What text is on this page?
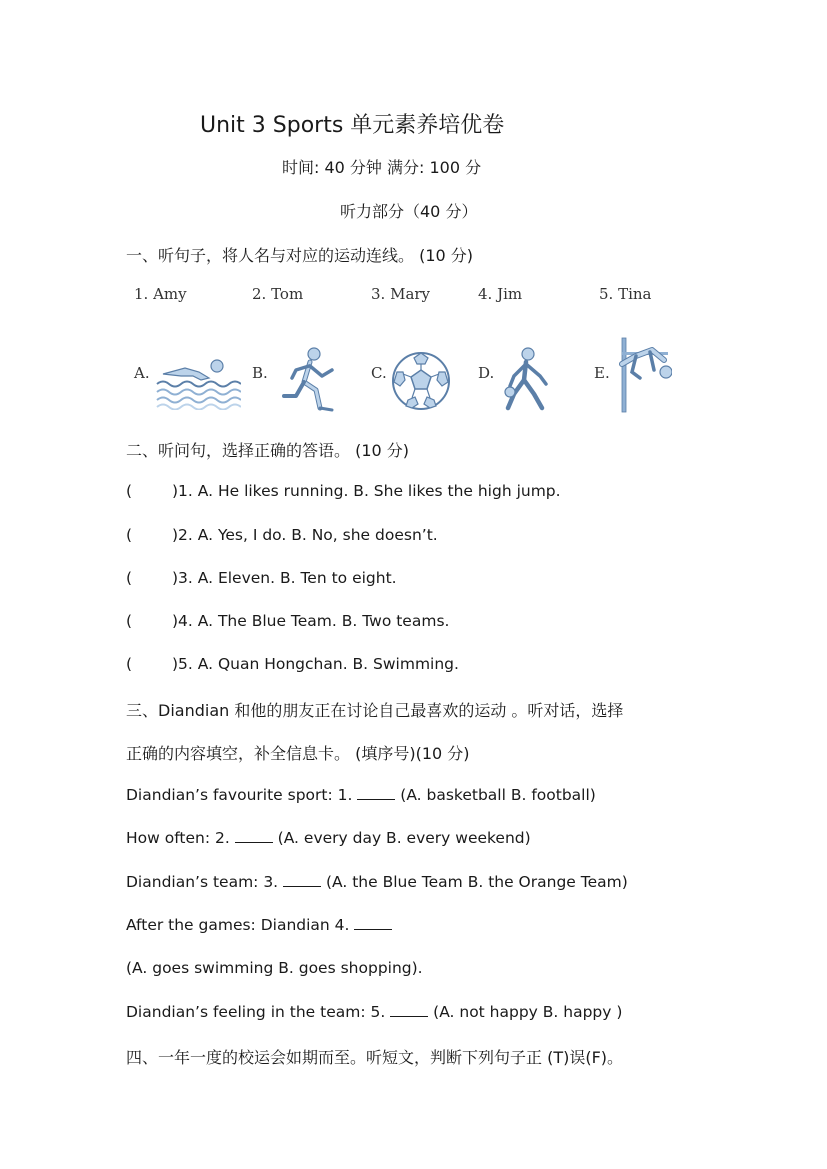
Unit 3 Sports 单元素养培优卷
时间: 40 分钟 满分: 100 分
听力部分（40 分）
一、听句子，将人名与对应的运动连线。 (10 分)
1. Amy	2. Tom	3. Mary	4. Jim	5. Tina
A.	B.	C.	D.	E.
二、听问句，选择正确的答语。 (10 分)
(	)1. A. He likes running. B. She likes the high jump.
(	)2. A. Yes, I do. B. No, she doesn’t.
(	)3. A. Eleven. B. Ten to eight.
(	)4. A. The Blue Team. B. Two teams.
(	)5. A. Quan Hongchan. B. Swimming.
三、Diandian 和他的朋友正在讨论自己最喜欢的运动 。听对话，选择
正确的内容填空，补全信息卡。 (填序号)(10 分)
Diandian’s favourite sport: 1.	(A. basketball B. football)
How often: 2.	(A. every day B. every weekend)
Diandian’s team: 3.	(A. the Blue Team B. the Orange Team)
After the games: Diandian 4.
(A. goes swimming B. goes shopping).
Diandian’s feeling in the team: 5.	(A. not happy B. happy )
四、一年一度的校运会如期而至。听短文，判断下列句子正 (T)误(F)。
